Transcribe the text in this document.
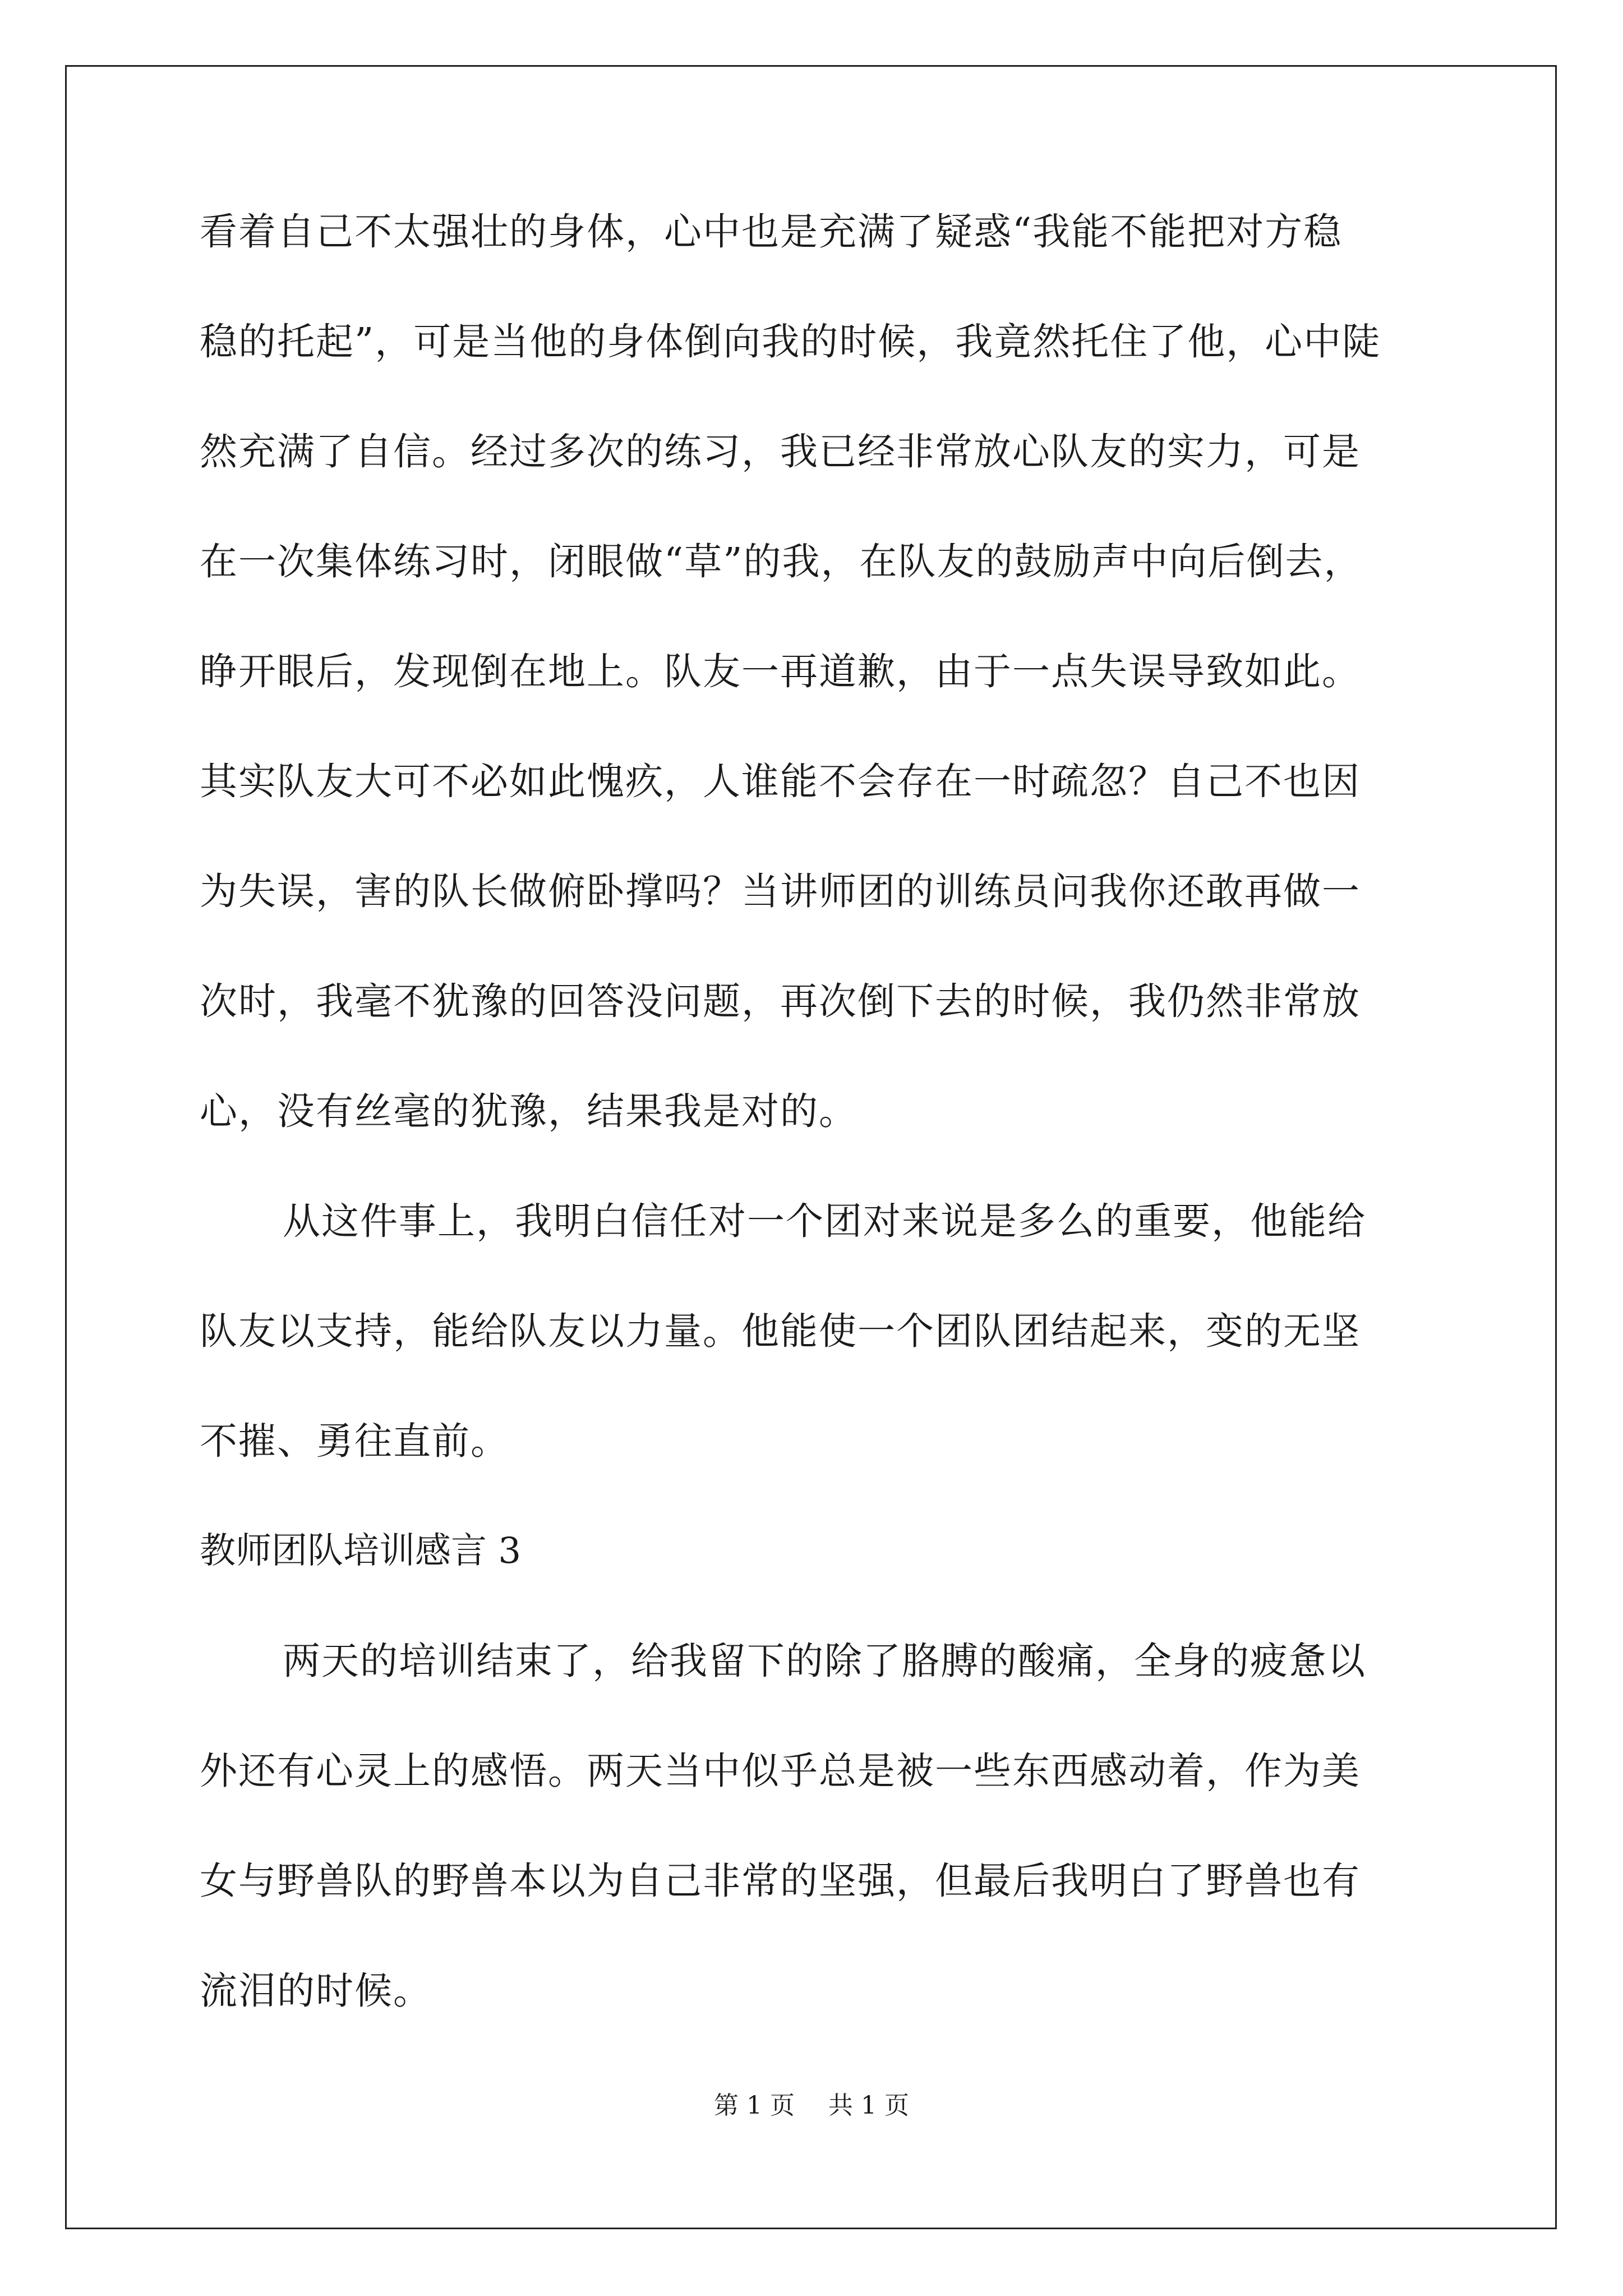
看着自己不太强壮的身体，心中也是充满了疑惑“我能不能把对方稳
稳的托起”，可是当他的身体倒向我的时候，我竟然托住了他，心中陡
然充满了自信。经过多次的练习，我已经非常放心队友的实力，可是
在一次集体练习时，闭眼做“草”的我，在队友的鼓励声中向后倒去，
睁开眼后，发现倒在地上。队友一再道歉，由于一点失误导致如此。
其实队友大可不必如此愧疚，人谁能不会存在一时疏忽？自己不也因
为失误，害的队长做俯卧撑吗？当讲师团的训练员问我你还敢再做一
次时，我毫不犹豫的回答没问题，再次倒下去的时候，我仍然非常放
心，没有丝毫的犹豫，结果我是对的。
从这件事上，我明白信任对一个团对来说是多么的重要，他能给
队友以支持，能给队友以力量。他能使一个团队团结起来，变的无坚
不摧、勇往直前。
教师团队培训感言 3
两天的培训结束了，给我留下的除了胳膊的酸痛，全身的疲惫以
外还有心灵上的感悟。两天当中似乎总是被一些东西感动着，作为美
女与野兽队的野兽本以为自己非常的坚强，但最后我明白了野兽也有
流泪的时候。
第 1 页 共 1 页
